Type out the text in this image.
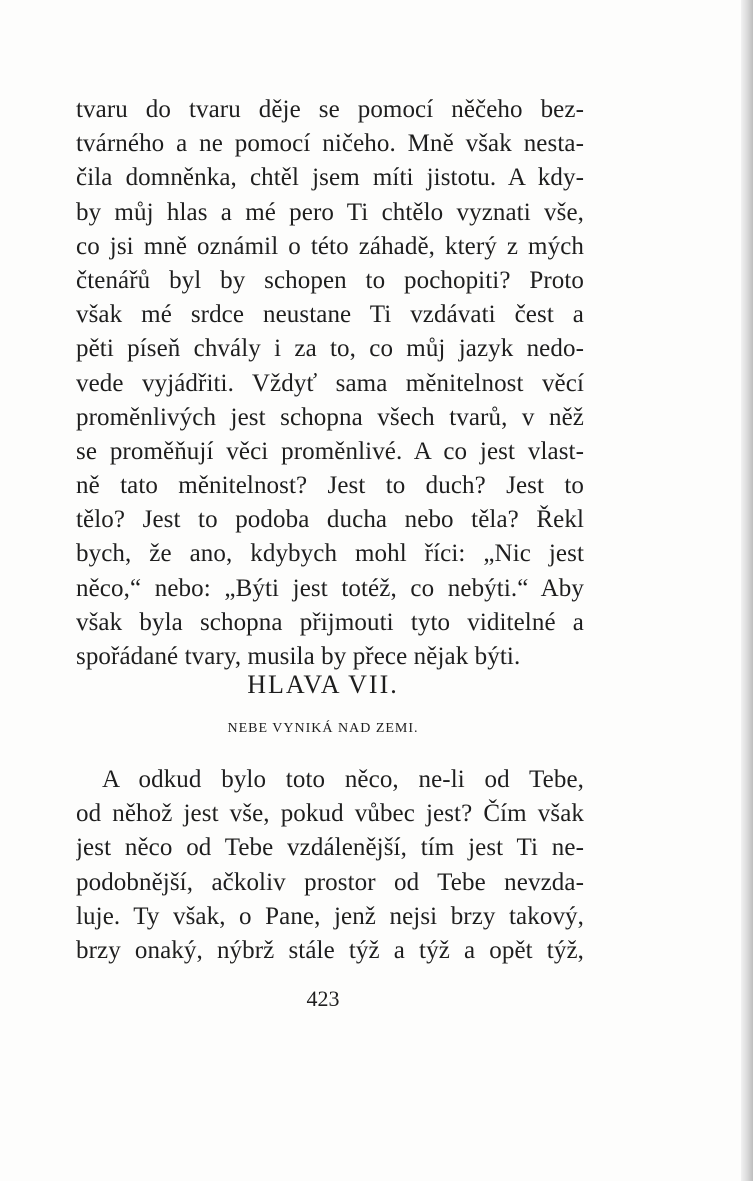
tvaru do tvaru děje se pomocí něčeho bez-
tvárného a ne pomocí ničeho. Mně však nesta-
čila domněnka, chtěl jsem míti jistotu. A kdy-
by můj hlas a mé pero Ti chtělo vyznati vše,
co jsi mně oznámil o této záhadě, který z mých
čtenářů byl by schopen to pochopiti? Proto
však mé srdce neustane Ti vzdávati čest a
pěti píseň chvály i za to, co můj jazyk nedo-
vede vyjádřiti. Vždyť sama měnitelnost věcí
proměnlivých jest schopna všech tvarů, v něž
se proměňují věci proměnlivé. A co jest vlast-
ně tato měnitelnost? Jest to duch? Jest to
tělo? Jest to podoba ducha nebo těla? Řekl
bych, že ano, kdybych mohl říci: „Nic jest
něco,“ nebo: „Býti jest totéž, co nebýti.“ Aby
však byla schopna přijmouti tyto viditelné a
spořádané tvary, musila by přece nějak býti.
HLAVA VII.
NEBE VYNIKÁ NAD ZEMI.
A odkud bylo toto něco, ne-li od Tebe,
od něhož jest vše, pokud vůbec jest? Čím však
jest něco od Tebe vzdálenější, tím jest Ti ne-
podobnější, ačkoliv prostor od Tebe nevzda-
luje. Ty však, o Pane, jenž nejsi brzy takový,
brzy onaký, nýbrž stále týž a týž a opět týž,
423
